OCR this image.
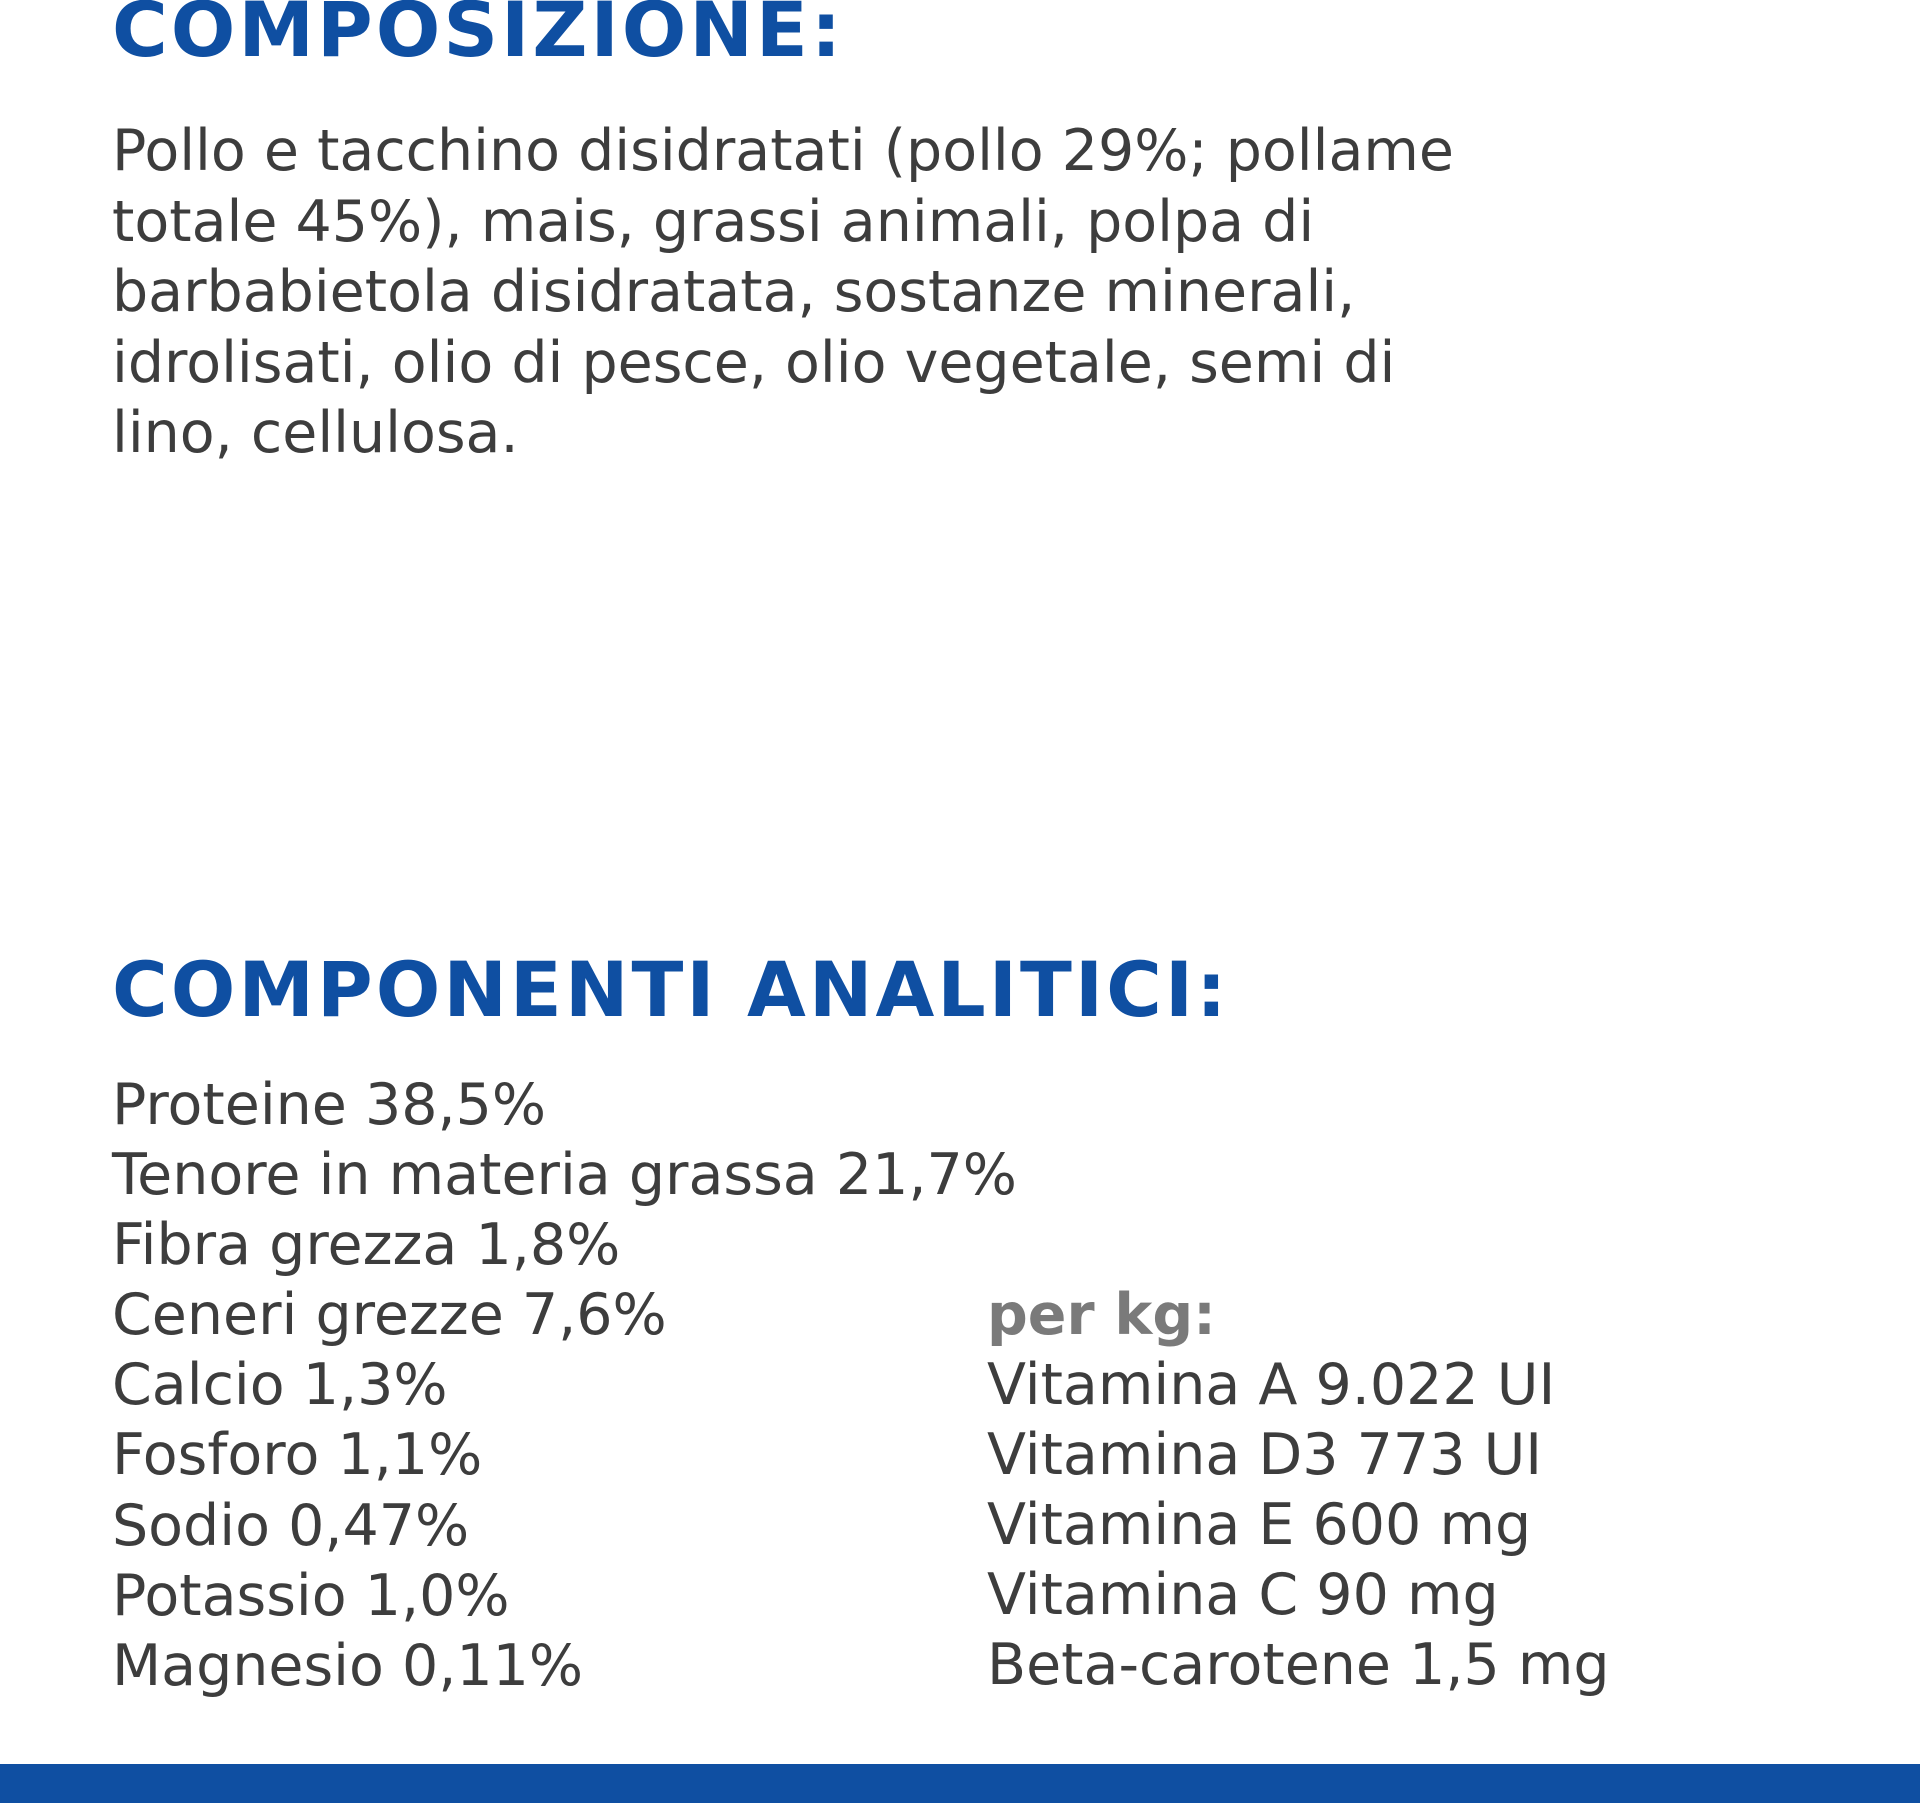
COMPOSIZIONE:

Pollo e tacchino disidratati (pollo 29%; pollame
totale 45%), mais, grassi animali, polpa di
barbabietola disidratata, sostanze minerali,
idrolisati, olio di pesce, olio vegetale, semi di
lino, cellulosa.

COMPONENTI ANALITICI:
Proteine 38,5%
Tenore in materia grassa 21,7%
Fibra grezza 1,8%
Ceneri grezze 7,6%
Calcio 1,3%
Fosforo 1,1%
Sodio 0,47%
Potassio 1,0%
Magnesio 0,11%

per kg:

Vitamina A 9.022 UI
Vitamina D3 773 UI
Vitamina E 600 mg
Vitamina C 90 mg
Beta-carotene 1,5 mg
